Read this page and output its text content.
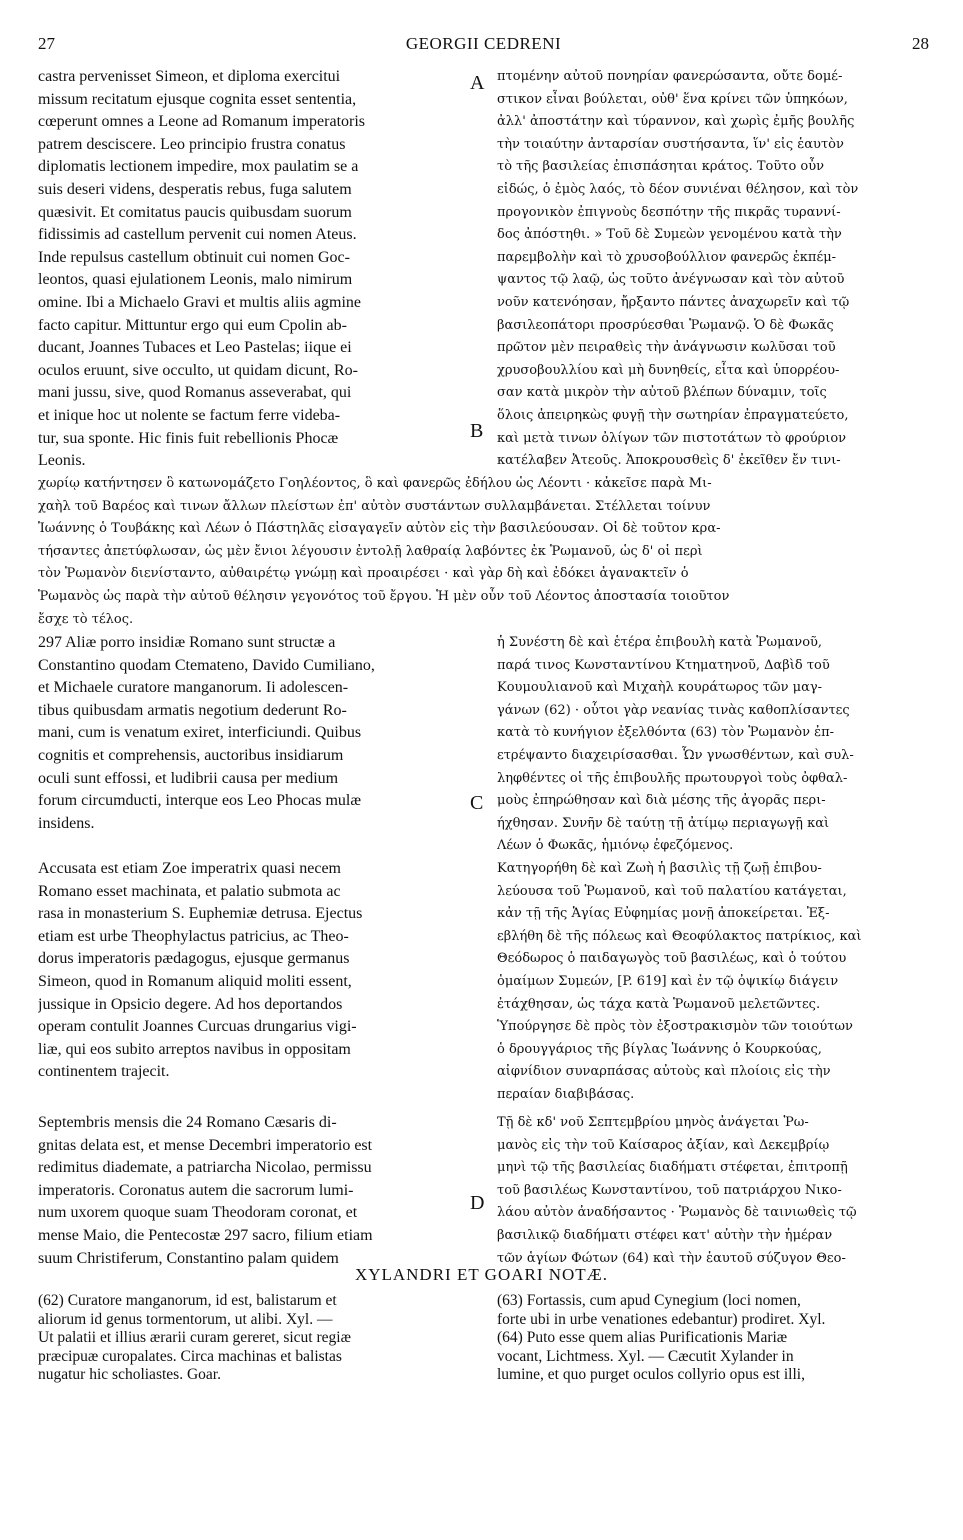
27	GEORGII CEDRENI	28
A
B
C
D
castra pervenisset Simeon, et diploma exercitui
missum recitatum ejusque cognita esset sententia,
cœperunt omnes a Leone ad Romanum imperatoris
patrem desciscere. Leo principio frustra conatus
diplomatis lectionem impedire, mox paulatim se a
suis deseri videns, desperatis rebus, fuga salutem
quæsivit. Et comitatus paucis quibusdam suorum
fidissimis ad castellum pervenit cui nomen Ateus.
Inde repulsus castellum obtinuit cui nomen Goc-
leontos, quasi ejulationem Leonis, malo nimirum
omine. Ibi a Michaelo Gravi et multis aliis agmine
facto capitur. Mittuntur ergo qui eum Cpolin ab-
ducant, Joannes Tubaces et Leo Pastelas; iique ei
oculos eruunt, sive occulto, ut quidam dicunt, Ro-
mani jussu, sive, quod Romanus asseverabat, qui
et inique hoc ut nolente se factum ferre videba-
tur, sua sponte. Hic finis fuit rebellionis Phocæ
Leonis.
πτομένην αὐτοῦ πονηρίαν φανερώσαντα, οὔτε δομέ-
στικον εἶναι βούλεται, οὐθ' ἕνα κρίνει τῶν ὑπηκόων,
ἀλλ' ἀποστάτην καὶ τύραννον, καὶ χωρὶς ἐμῆς βουλῆς
τὴν τοιαύτην ἀνταρσίαν συστήσαντα, ἵν' εἰς ἑαυτὸν
τὸ τῆς βασιλείας ἐπισπάσηται κράτος. Τοῦτο οὖν
εἰδώς, ὁ ἐμὸς λαός, τὸ δέον συνιέναι θέλησον, καὶ τὸν
προγονικὸν ἐπιγνοὺς δεσπότην τῆς πικρᾶς τυραννί-
δος ἀπόστηθι. » Τοῦ δὲ Συμεὼν γενομένου κατὰ τὴν
παρεμβολὴν καὶ τὸ χρυσοβούλλιον φανερῶς ἐκπέμ-
ψαντος τῷ λαῷ, ὡς τοῦτο ἀνέγνωσαν καὶ τὸν αὐτοῦ
νοῦν κατενόησαν, ἤρξαντο πάντες ἀναχωρεῖν καὶ τῷ
βασιλεοπάτορι προσρύεσθαι Ῥωμανῷ. Ὁ δὲ Φωκᾶς
πρῶτον μὲν πειραθεὶς τὴν ἀνάγνωσιν κωλῦσαι τοῦ
χρυσοβουλλίου καὶ μὴ δυνηθείς, εἶτα καὶ ὑπορρέου-
σαν κατὰ μικρὸν τὴν αὐτοῦ βλέπων δύναμιν, τοῖς
ὅλοις ἀπειρηκὼς φυγῇ τὴν σωτηρίαν ἐπραγματεύετο,
καὶ μετὰ τινων ὀλίγων τῶν πιστοτάτων τὸ φρούριον
κατέλαβεν Ἀτεοῦς. Ἀποκρουσθεὶς δ' ἐκεῖθεν ἔν τινι-
χωρίῳ κατήντησεν ὃ κατωνομάζετο Γοηλέοντος, ὃ καὶ φανερῶς ἐδήλου ὡς Λέοντι · κἀκεῖσε παρὰ Μι-
χαὴλ τοῦ Βαρέος καὶ τινων ἄλλων πλείστων ἐπ' αὐτὸν συστάντων συλλαμβάνεται. Στέλλεται τοίνυν
Ἰωάννης ὁ Τουβάκης καὶ Λέων ὁ Πάστηλᾶς εἰσαγαγεῖν αὐτὸν εἰς τὴν βασιλεύουσαν. Οἱ δὲ τοῦτον κρα-
τήσαντες ἀπετύφλωσαν, ὡς μὲν ἔνιοι λέγουσιν ἐντολῇ λαθραίᾳ λαβόντες ἐκ Ῥωμανοῦ, ὡς δ' οἱ περὶ
τὸν Ῥωμανὸν διενίσταντο, αὐθαιρέτῳ γνώμῃ καὶ προαιρέσει · καὶ γὰρ δὴ καὶ ἐδόκει ἀγανακτεῖν ὁ
Ῥωμανὸς ὡς παρὰ τὴν αὐτοῦ θέλησιν γεγονότος τοῦ ἔργου. Ἡ μὲν οὖν τοῦ Λέοντος ἀποστασία τοιοῦτον
ἔσχε τὸ τέλος.
297 Aliæ porro insidiæ Romano sunt structæ a
Constantino quodam Ctemateno, Davido Cumiliano,
et Michaele curatore manganorum. Ii adolescen-
tibus quibusdam armatis negotium dederunt Ro-
mani, cum is venatum exiret, interficiundi. Quibus
cognitis et comprehensis, auctoribus insidiarum
oculi sunt effossi, et ludibrii causa per medium
forum circumducti, interque eos Leo Phocas mulæ
insidens.
ἡ Συνέστη δὲ καὶ ἑτέρα ἐπιβουλὴ κατὰ Ῥωμανοῦ,
παρά τινος Κωνσταντίνου Κτηματηνοῦ, Δαβὶδ τοῦ
Κουμουλιανοῦ καὶ Μιχαὴλ κουράτωρος τῶν μαγ-
γάνων (62) · οὗτοι γὰρ νεανίας τινὰς καθοπλίσαντες
κατὰ τὸ κυνήγιον ἐξελθόντα (63) τὸν Ῥωμανὸν ἐπ-
ετρέψαντο διαχειρίσασθαι. Ὧν γνωσθέντων, καὶ συλ-
ληφθέντες οἱ τῆς ἐπιβουλῆς πρωτουργοὶ τοὺς ὀφθαλ-
μοὺς ἐπηρώθησαν καὶ διὰ μέσης τῆς ἀγορᾶς περι-
ήχθησαν. Συνῆν δὲ ταύτῃ τῇ ἀτίμῳ περιαγωγῇ καὶ
Λέων ὁ Φωκᾶς, ἡμιόνῳ ἐφεζόμενος.
Accusata est etiam Zoe imperatrix quasi necem
Romano esset machinata, et palatio submota ac
rasa in monasterium S. Euphemiæ detrusa. Ejectus
etiam est urbe Theophylactus patricius, ac Theo-
dorus imperatoris pædagogus, ejusque germanus
Simeon, quod in Romanum aliquid moliti essent,
jussique in Opsicio degere. Ad hos deportandos
operam contulit Joannes Curcuas drungarius vigi-
liæ, qui eos subito arreptos navibus in oppositam
continentem trajecit.
Κατηγορήθη δὲ καὶ Ζωὴ ἡ βασιλὶς τῇ ζωῇ ἐπιβου-
λεύουσα τοῦ Ῥωμανοῦ, καὶ τοῦ παλατίου κατάγεται,
κἀν τῇ τῆς Ἁγίας Εὐφημίας μονῇ ἀποκείρεται. Ἐξ-
εβλήθη δὲ τῆς πόλεως καὶ Θεοφύλακτος πατρίκιος, καὶ
Θεόδωρος ὁ παιδαγωγὸς τοῦ βασιλέως, καὶ ὁ τούτου
ὁμαίμων Συμεών, [P. 619] καὶ ἐν τῷ ὀψικίῳ διάγειν
ἐτάχθησαν, ὡς τάχα κατὰ Ῥωμανοῦ μελετῶντες.
Ὑπούργησε δὲ πρὸς τὸν ἐξοστρακισμὸν τῶν τοιούτων
ὁ δρουγγάριος τῆς βίγλας Ἰωάννης ὁ Κουρκούας,
αἰφνίδιον συναρπάσας αὐτοὺς καὶ πλοίοις εἰς τὴν
περαίαν διαβιβάσας.
Septembris mensis die 24 Romano Cæsaris di-
gnitas delata est, et mense Decembri imperatorio est
redimitus diademate, a patriarcha Nicolao, permissu
imperatoris. Coronatus autem die sacrorum lumi-
num uxorem quoque suam Theodoram coronat, et
mense Maio, die Pentecostæ 297 sacro, filium etiam
suum Christiferum, Constantino palam quidem
Τῇ δὲ κδ' νοῦ Σεπτεμβρίου μηνὸς ἀνάγεται Ῥω-
μανὸς εἰς τὴν τοῦ Καίσαρος ἀξίαν, καὶ Δεκεμβρίῳ
μηνὶ τῷ τῆς βασιλείας διαδήματι στέφεται, ἐπιτροπῇ
τοῦ βασιλέως Κωνσταντίνου, τοῦ πατριάρχου Νικο-
λάου αὐτὸν ἀναδήσαντος · Ῥωμανὸς δὲ ταινιωθεὶς τῷ
βασιλικῷ διαδήματι στέφει κατ' αὐτὴν τὴν ἡμέραν
τῶν ἁγίων Φώτων (64) καὶ τὴν ἑαυτοῦ σύζυγον Θεο-
XYLANDRI ET GOARI NOTÆ.
(62) Curatore manganorum, id est, balistarum et
aliorum id genus tormentorum, ut alibi. Xyl. —
Ut palatii et illius ærarii curam gereret, sicut regiæ
præcipuæ curopalates. Circa machinas et balistas
nugatur hic scholiastes. Goar.
(63) Fortassis, cum apud Cynegium (loci nomen,
forte ubi in urbe venationes edebantur) prodiret. Xyl.
(64) Puto esse quem alias Purificationis Mariæ
vocant, Lichtmess. Xyl. — Cæcutit Xylander in
lumine, et quo purget oculos collyrio opus est illi,
